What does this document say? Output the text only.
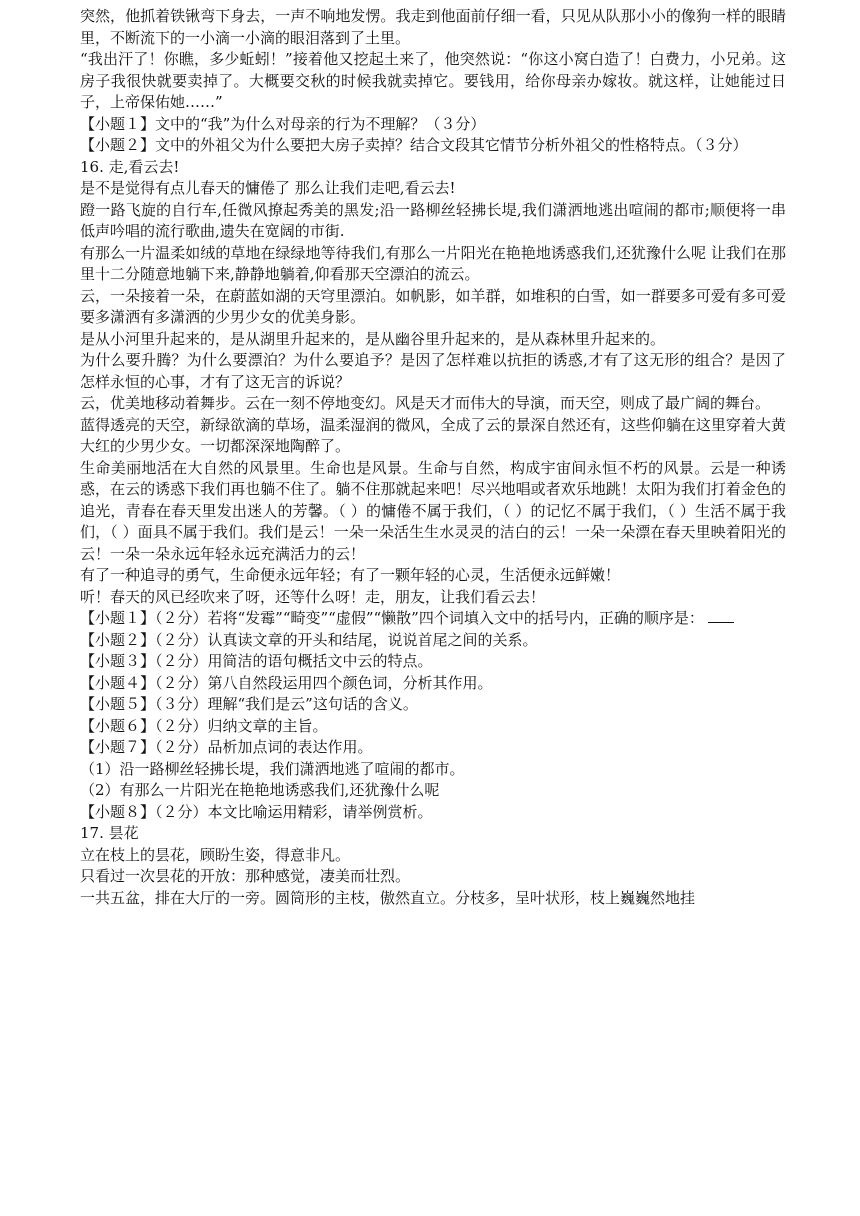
突然，他抓着铁锹弯下身去，一声不响地发愣。我走到他面前仔细一看，只见从队那小小的像狗一样的眼睛里，不断流下的一小滴一小滴的眼泪落到了土里。

“我出汗了！你瞧，多少蚯蚓！”接着他又挖起土来了，他突然说：“你这小窝白造了！白费力，小兄弟。这房子我很快就要卖掉了。大概要交秋的时候我就卖掉它。要钱用，给你母亲办嫁妆。就这样，让她能过日子，上帝保佑她……”

【小题１】文中的“我”为什么对母亲的行为不理解？（３分）

【小题２】文中的外祖父为什么要把大房子卖掉？结合文段其它情节分析外祖父的性格特点。（３分）

16. 走,看云去!

是不是觉得有点儿春天的慵倦了 那么让我们走吧,看云去!

蹬一路飞旋的自行车,任微风撩起秀美的黑发;沿一路柳丝轻拂长堤,我们潇洒地逃出喧闹的都市;顺便将一串低声吟唱的流行歌曲,遗失在宽阔的市街.

有那么一片温柔如绒的草地在绿绿地等待我们,有那么一片阳光在艳艳地诱惑我们,还犹豫什么呢 让我们在那里十二分随意地躺下来,静静地躺着,仰看那天空漂泊的流云。

云，一朵接着一朵，在蔚蓝如湖的天穹里漂泊。如帆影，如羊群，如堆积的白雪，如一群要多可爱有多可爱要多潇洒有多潇洒的少男少女的优美身影。

是从小河里升起来的，是从湖里升起来的，是从幽谷里升起来的，是从森林里升起来的。

为什么要升腾？为什么要漂泊？为什么要追予？是因了怎样难以抗拒的诱惑,才有了这无形的组合？是因了怎样永恒的心事，才有了这无言的诉说？

云，优美地移动着舞步。云在一刻不停地变幻。风是天才而伟大的导演，而天空，则成了最广阔的舞台。

蓝得透亮的天空，新绿欲滴的草场，温柔湿润的微风，全成了云的景深自然还有，这些仰躺在这里穿着大黄大红的少男少女。一切都深深地陶醉了。

生命美丽地活在大自然的风景里。生命也是风景。生命与自然，构成宇宙间永恒不朽的风景。云是一种诱惑，在云的诱惑下我们再也躺不住了。躺不住那就起来吧！尽兴地唱或者欢乐地跳！太阳为我们打着金色的追光，青春在春天里发出迷人的芳馨。（ ）的慵倦不属于我们，（ ）的记忆不属于我们，（ ）生活不属于我们，（ ）面具不属于我们。我们是云！一朵一朵活生生水灵灵的洁白的云！一朵一朵漂在春天里映着阳光的云！一朵一朵永远年轻永远充满活力的云！

有了一种追寻的勇气，生命便永远年轻；有了一颗年轻的心灵，生活便永远鲜嫩！

听！春天的风已经吹来了呀，还等什么呀！走，朋友，让我们看云去！

【小题１】（２分）若将“发霉”“畸变”“虚假”“懒散”四个词填入文中的括号内，正确的顺序是：

【小题２】（２分）认真读文章的开头和结尾，说说首尾之间的关系。

【小题３】（２分）用简洁的语句概括文中云的特点。

【小题４】（２分）第八自然段运用四个颜色词，分析其作用。

【小题５】（３分）理解“我们是云”这句话的含义。

【小题６】（２分）归纳文章的主旨。

【小题７】（２分）品析加点词的表达作用。

（1）沿一路柳丝轻拂长堤，我们潇洒地逃了喧闹的都市。

（2）有那么一片阳光在艳艳地诱惑我们,还犹豫什么呢

【小题８】（２分）本文比喻运用精彩，请举例赏析。

17. 昙花

立在枝上的昙花，顾盼生姿，得意非凡。

只看过一次昙花的开放：那种感觉，凄美而壮烈。

一共五盆，排在大厅的一旁。圆筒形的主枝，傲然直立。分枝多，呈叶状形，枝上巍巍然地挂
